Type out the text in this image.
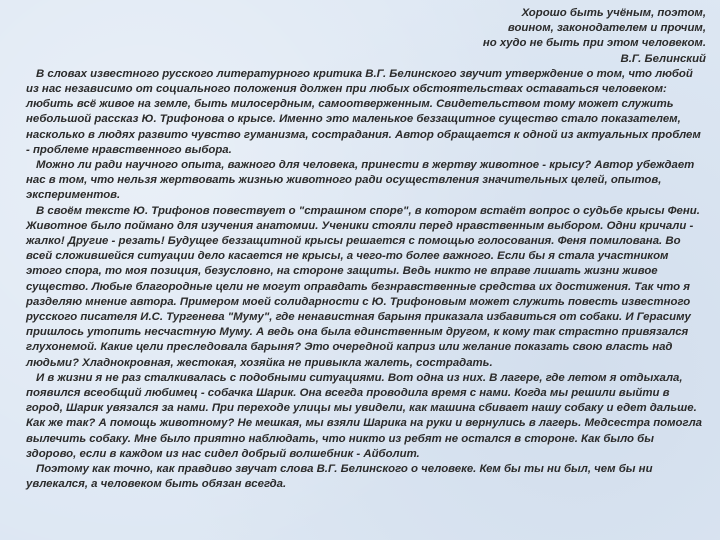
Хорошо быть учёным, поэтом,
воином, законодателем и прочим,
но худо не быть при этом человеком.
В.Г. Белинский

В словах известного русского литературного критика В.Г. Белинского звучит утверждение о том, что любой из нас независимо от социального положения должен при любых обстоятельствах оставаться человеком: любить всё живое на земле, быть милосердным, самоотверженным. Свидетельством тому может служить небольшой рассказ Ю. Трифонова о крысе. Именно это маленькое беззащитное существо стало показателем, насколько в людях развито чувство гуманизма, сострадания. Автор обращается к одной из актуальных проблем - проблеме нравственного выбора.

Можно ли ради научного опыта, важного для человека, принести в жертву животное - крысу? Автор убеждает нас в том, что нельзя жертвовать жизнью животного ради осуществления значительных целей, опытов, экспериментов.

В своём тексте Ю. Трифонов повествует о "страшном споре", в котором встаёт вопрос о судьбе крысы Фени. Животное было поймано для изучения анатомии. Ученики стояли перед нравственным выбором. Одни кричали - жалко! Другие - резать! Будущее беззащитной крысы решается с помощью голосования. Феня помилована. Во всей сложившейся ситуации дело касается не крысы, а чего-то более важного. Если бы я стала участником этого спора, то моя позиция, безусловно, на стороне защиты. Ведь никто не вправе лишать жизни живое существо. Любые благородные цели не могут оправдать безнравственные средства их достижения. Так что я разделяю мнение автора. Примером моей солидарности с Ю. Трифоновым может служить повесть известного русского писателя И.С. Тургенева "Муму", где ненавистная барыня приказала избавиться от собаки. И Герасиму пришлось утопить несчастную Муму. А ведь она была единственным другом, к кому так страстно привязался глухонемой. Какие цели преследовала барыня? Это очередной каприз или желание показать свою власть над людьми? Хладнокровная, жестокая, хозяйка не привыкла жалеть, сострадать.

И в жизни я не раз сталкивалась с подобными ситуациями. Вот одна из них. В лагере, где летом я отдыхала, появился всеобщий любимец - собачка Шарик. Она всегда проводила время с нами. Когда мы решили выйти в город, Шарик увязался за нами. При переходе улицы мы увидели, как машина сбивает нашу собаку и едет дальше. Как же так? А помощь животному? Не мешкая, мы взяли Шарика на руки и вернулись в лагерь. Медсестра помогла вылечить собаку. Мне было приятно наблюдать, что никто из ребят не остался в стороне. Как было бы здорово, если в каждом из нас сидел добрый волшебник - Айболит.

Поэтому как точно, как правдиво звучат слова В.Г. Белинского о человеке. Кем бы ты ни был, чем бы ни увлекался, а человеком быть обязан всегда.
